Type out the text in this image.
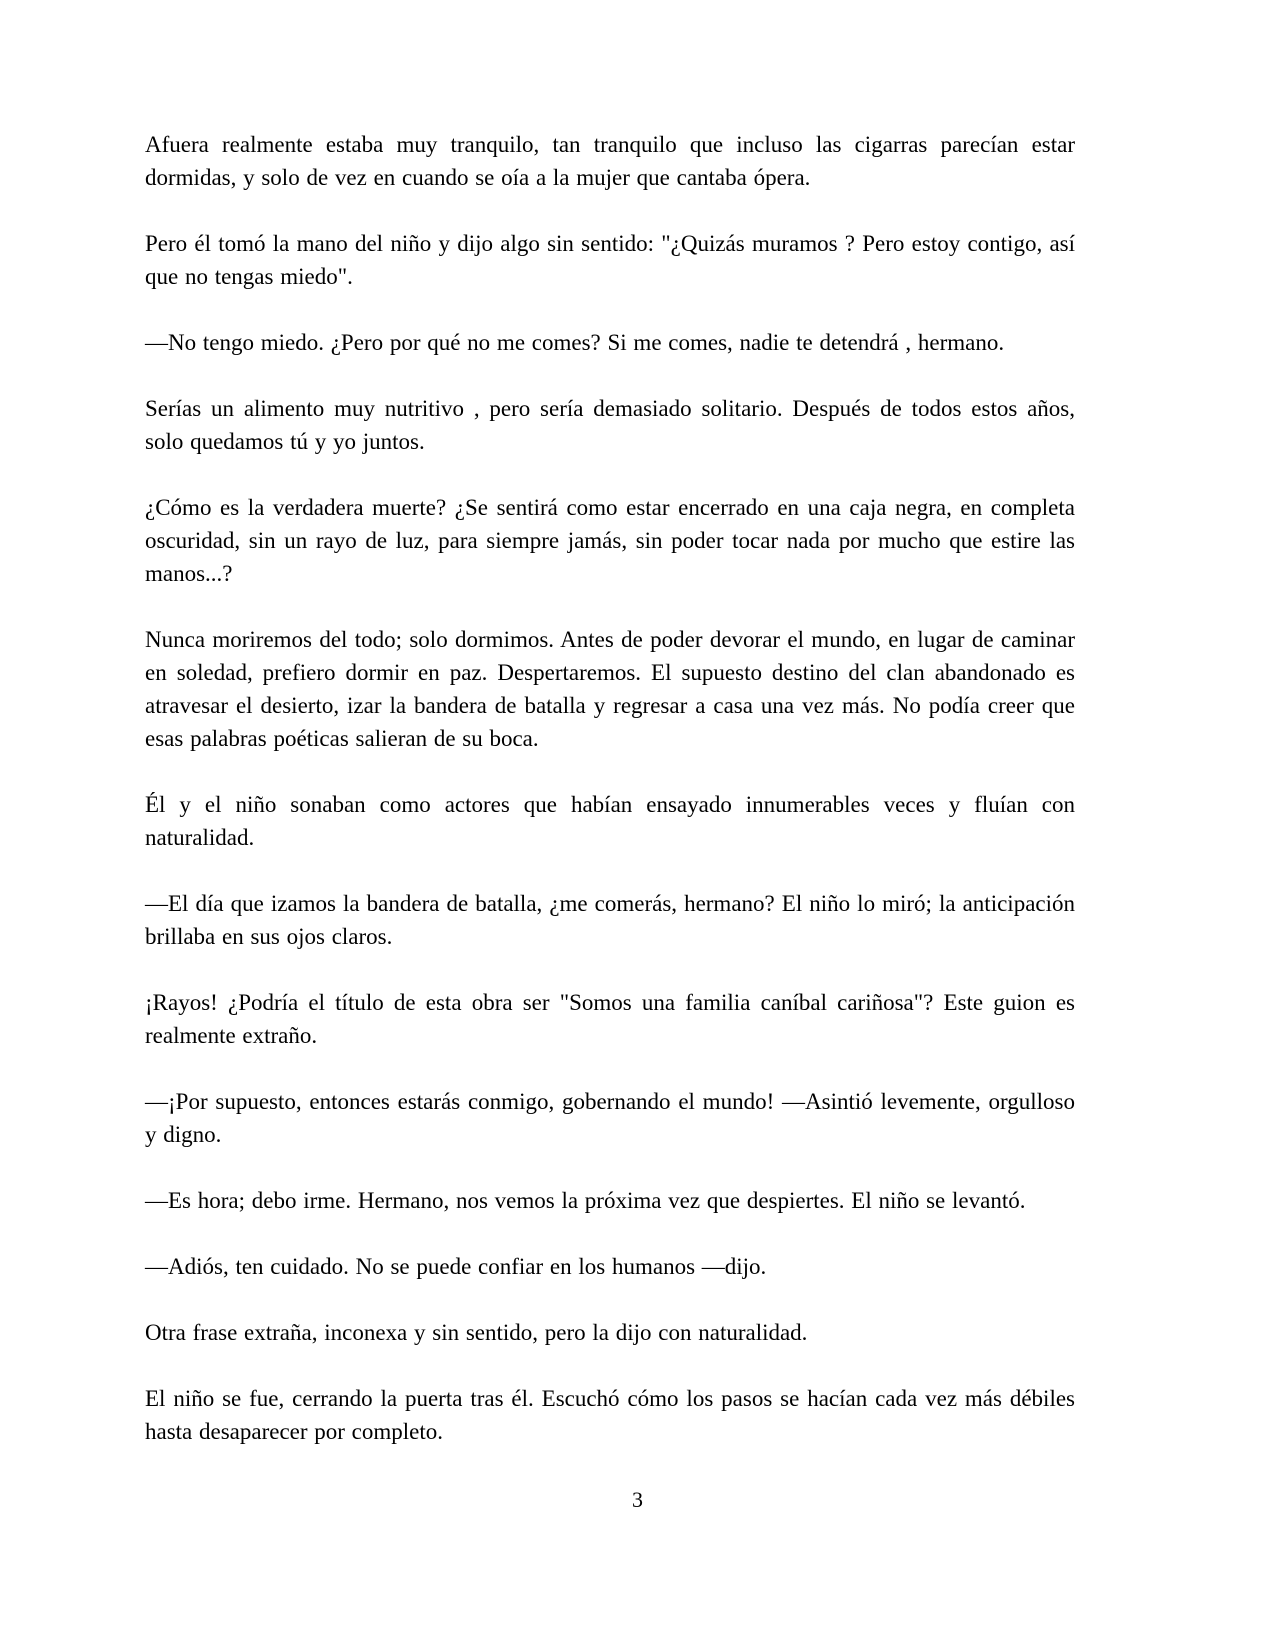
Afuera realmente estaba muy tranquilo, tan tranquilo que incluso las cigarras parecían estar dormidas, y solo de vez en cuando se oía a la mujer que cantaba ópera.

Pero él tomó la mano del niño y dijo algo sin sentido: "¿Quizás muramos ? Pero estoy contigo, así que no tengas miedo".

—No tengo miedo. ¿Pero por qué no me comes? Si me comes, nadie te detendrá , hermano.

Serías un alimento muy nutritivo , pero sería demasiado solitario. Después de todos estos años, solo quedamos tú y yo juntos.

¿Cómo es la verdadera muerte? ¿Se sentirá como estar encerrado en una caja negra, en completa oscuridad, sin un rayo de luz, para siempre jamás, sin poder tocar nada por mucho que estire las manos...?

Nunca moriremos del todo; solo dormimos. Antes de poder devorar el mundo, en lugar de caminar en soledad, prefiero dormir en paz. Despertaremos. El supuesto destino del clan abandonado es atravesar el desierto, izar la bandera de batalla y regresar a casa una vez más. No podía creer que esas palabras poéticas salieran de su boca.

Él y el niño sonaban como actores que habían ensayado innumerables veces y fluían con naturalidad.

—El día que izamos la bandera de batalla, ¿me comerás, hermano? El niño lo miró; la anticipación brillaba en sus ojos claros.

¡Rayos! ¿Podría el título de esta obra ser "Somos una familia caníbal cariñosa"? Este guion es realmente extraño.

—¡Por supuesto, entonces estarás conmigo, gobernando el mundo! —Asintió levemente, orgulloso y digno.

—Es hora; debo irme. Hermano, nos vemos la próxima vez que despiertes. El niño se levantó.

—Adiós, ten cuidado. No se puede confiar en los humanos —dijo.

Otra frase extraña, inconexa y sin sentido, pero la dijo con naturalidad.

El niño se fue, cerrando la puerta tras él. Escuchó cómo los pasos se hacían cada vez más débiles hasta desaparecer por completo.

3
